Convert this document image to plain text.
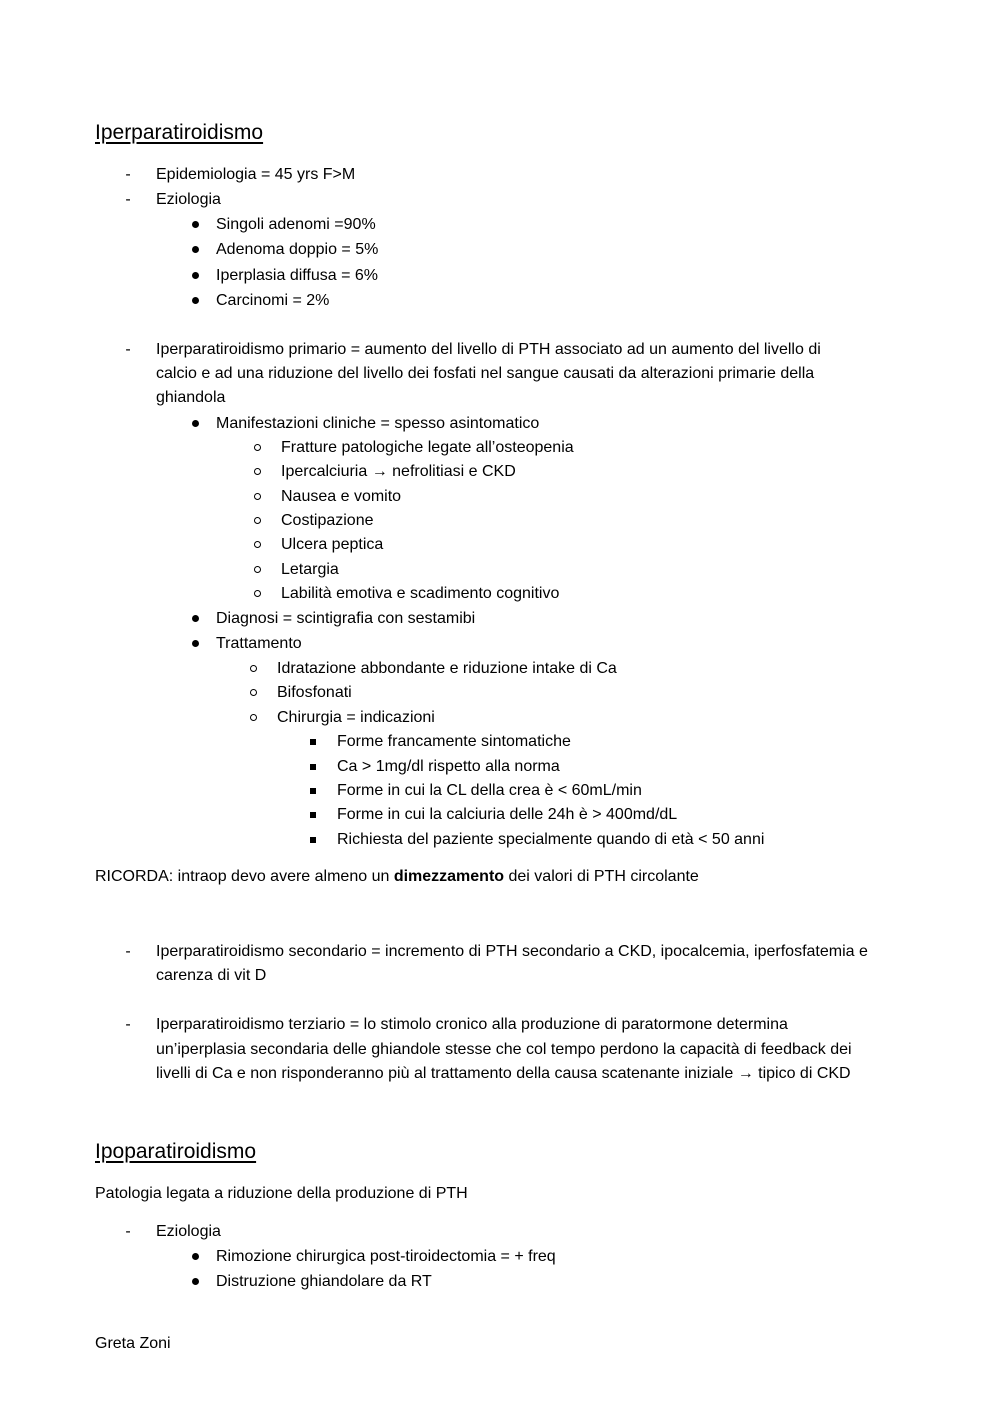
Iperparatiroidismo
-	Epidemiologia = 45 yrs F>M
-	Eziologia
Singoli adenomi =90%
Adenoma doppio = 5%
Iperplasia diffusa = 6%
Carcinomi = 2%
-	Iperparatiroidismo primario = aumento del livello di PTH associato ad un aumento del livello di
calcio e ad una riduzione del livello dei fosfati nel sangue causati da alterazioni primarie della
ghiandola
Manifestazioni cliniche = spesso asintomatico
Fratture patologiche legate all’osteopenia
Ipercalciuria → nefrolitiasi e CKD
Nausea e vomito
Costipazione
Ulcera peptica
Letargia
Labilità emotiva e scadimento cognitivo
Diagnosi = scintigrafia con sestamibi
Trattamento
Idratazione abbondante e riduzione intake di Ca
Bifosfonati
Chirurgia = indicazioni
Forme francamente sintomatiche
Ca > 1mg/dl rispetto alla norma
Forme in cui la CL della crea è < 60mL/min
Forme in cui la calciuria delle 24h è > 400md/dL
Richiesta del paziente specialmente quando di età < 50 anni
RICORDA: intraop devo avere almeno un dimezzamento dei valori di PTH circolante
-	Iperparatiroidismo secondario = incremento di PTH secondario a CKD, ipocalcemia, iperfosfatemia e
carenza di vit D
-	Iperparatiroidismo terziario = lo stimolo cronico alla produzione di paratormone determina
un’iperplasia secondaria delle ghiandole stesse che col tempo perdono la capacità di feedback dei
livelli di Ca e non risponderanno più al trattamento della causa scatenante iniziale → tipico di CKD
Ipoparatiroidismo
Patologia legata a riduzione della produzione di PTH
-	Eziologia
Rimozione chirurgica post-tiroidectomia = + freq
Distruzione ghiandolare da RT
Greta Zoni
